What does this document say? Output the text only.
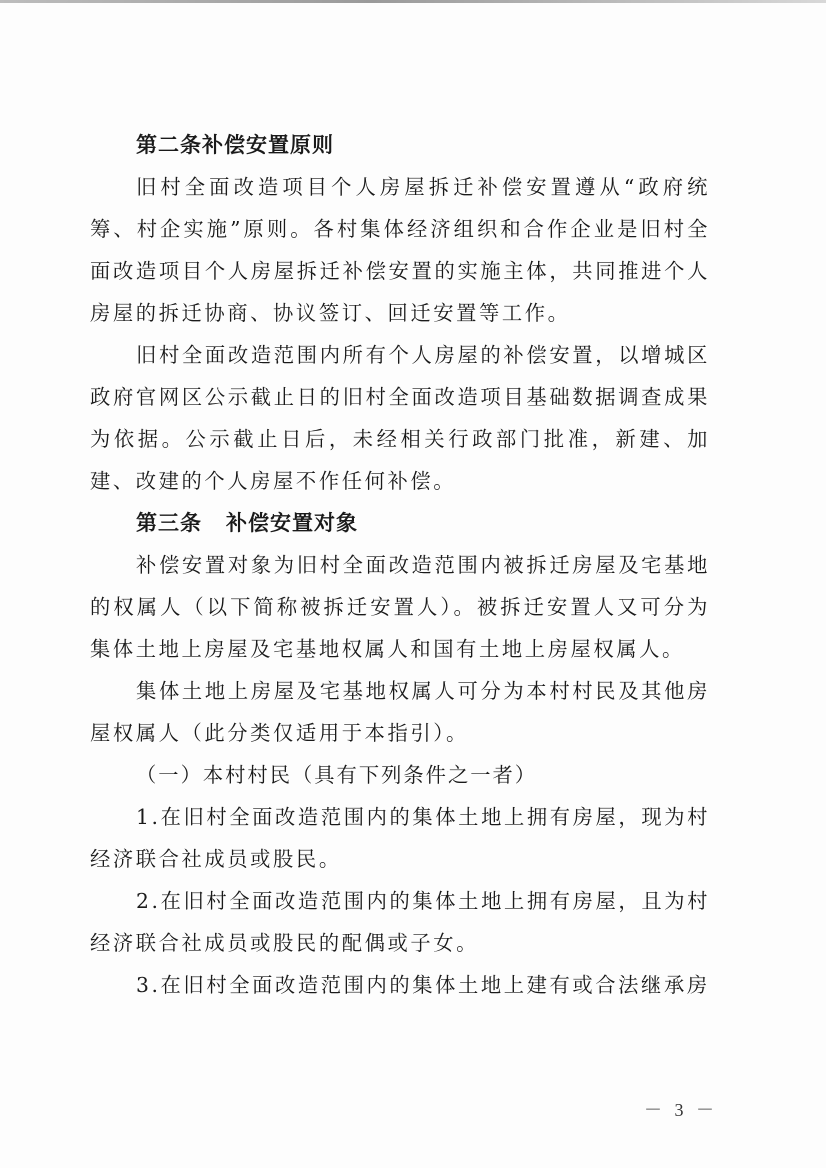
第二条补偿安置原则

旧村全面改造项目个人房屋拆迁补偿安置遵从“政府统筹、村企实施”原则。各村集体经济组织和合作企业是旧村全面改造项目个人房屋拆迁补偿安置的实施主体，共同推进个人房屋的拆迁协商、协议签订、回迁安置等工作。

旧村全面改造范围内所有个人房屋的补偿安置，以增城区政府官网区公示截止日的旧村全面改造项目基础数据调查成果为依据。公示截止日后，未经相关行政部门批准，新建、加建、改建的个人房屋不作任何补偿。

第三条 补偿安置对象

补偿安置对象为旧村全面改造范围内被拆迁房屋及宅基地的权属人（以下简称被拆迁安置人）。被拆迁安置人又可分为集体土地上房屋及宅基地权属人和国有土地上房屋权属人。

集体土地上房屋及宅基地权属人可分为本村村民及其他房屋权属人（此分类仅适用于本指引）。

（一）本村村民（具有下列条件之一者）

1.在旧村全面改造范围内的集体土地上拥有房屋，现为村经济联合社成员或股民。

2.在旧村全面改造范围内的集体土地上拥有房屋，且为村经济联合社成员或股民的配偶或子女。

3.在旧村全面改造范围内的集体土地上建有或合法继承房

－ 3 －
